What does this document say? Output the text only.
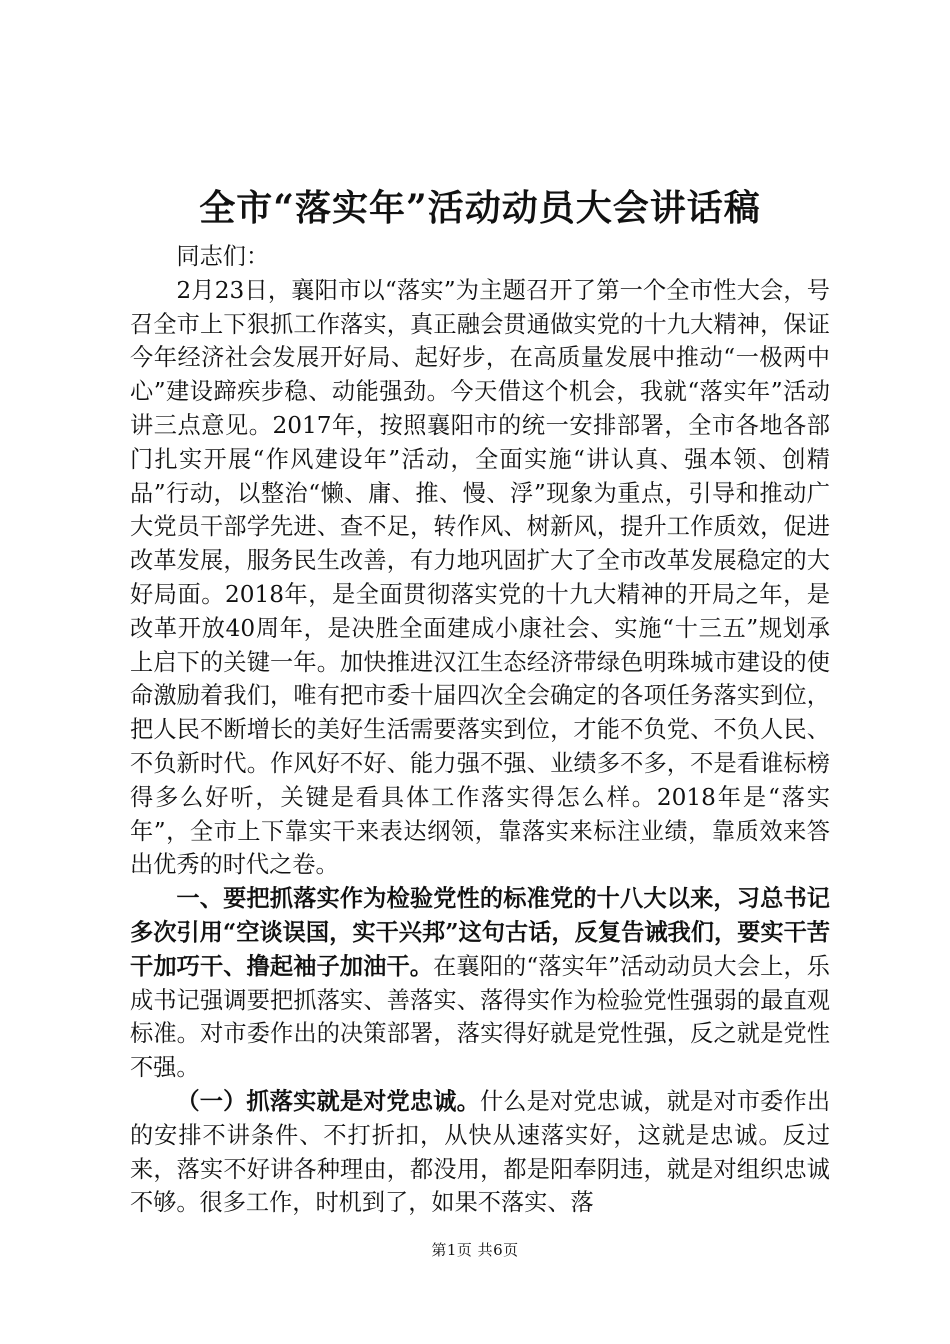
全市“落实年”活动动员大会讲话稿

同志们：

2月23日，襄阳市以“落实”为主题召开了第一个全市性大会，号召全市上下狠抓工作落实，真正融会贯通做实党的十九大精神，保证今年经济社会发展开好局、起好步，在高质量发展中推动“一极两中心”建设蹄疾步稳、动能强劲。今天借这个机会，我就“落实年”活动讲三点意见。2017年，按照襄阳市的统一安排部署，全市各地各部门扎实开展“作风建设年”活动，全面实施“讲认真、强本领、创精品”行动，以整治“懒、庸、推、慢、浮”现象为重点，引导和推动广大党员干部学先进、查不足，转作风、树新风，提升工作质效，促进改革发展，服务民生改善，有力地巩固扩大了全市改革发展稳定的大好局面。2018年，是全面贯彻落实党的十九大精神的开局之年，是改革开放40周年，是决胜全面建成小康社会、实施“十三五”规划承上启下的关键一年。加快推进汉江生态经济带绿色明珠城市建设的使命激励着我们，唯有把市委十届四次全会确定的各项任务落实到位，把人民不断增长的美好生活需要落实到位，才能不负党、不负人民、不负新时代。作风好不好、能力强不强、业绩多不多，不是看谁标榜得多么好听，关键是看具体工作落实得怎么样。2018年是“落实年”，全市上下靠实干来表达纲领，靠落实来标注业绩，靠质效来答出优秀的时代之卷。

一、要把抓落实作为检验党性的标准党的十八大以来，习总书记多次引用“空谈误国，实干兴邦”这句古话，反复告诫我们，要实干苦干加巧干、撸起袖子加油干。在襄阳的“落实年”活动动员大会上，乐成书记强调要把抓落实、善落实、落得实作为检验党性强弱的最直观标准。对市委作出的决策部署，落实得好就是党性强，反之就是党性不强。

（一）抓落实就是对党忠诚。什么是对党忠诚，就是对市委作出的安排不讲条件、不打折扣，从快从速落实好，这就是忠诚。反过来，落实不好讲各种理由，都没用，都是阳奉阴违，就是对组织忠诚不够。很多工作，时机到了，如果不落实、落

第1页 共6页
